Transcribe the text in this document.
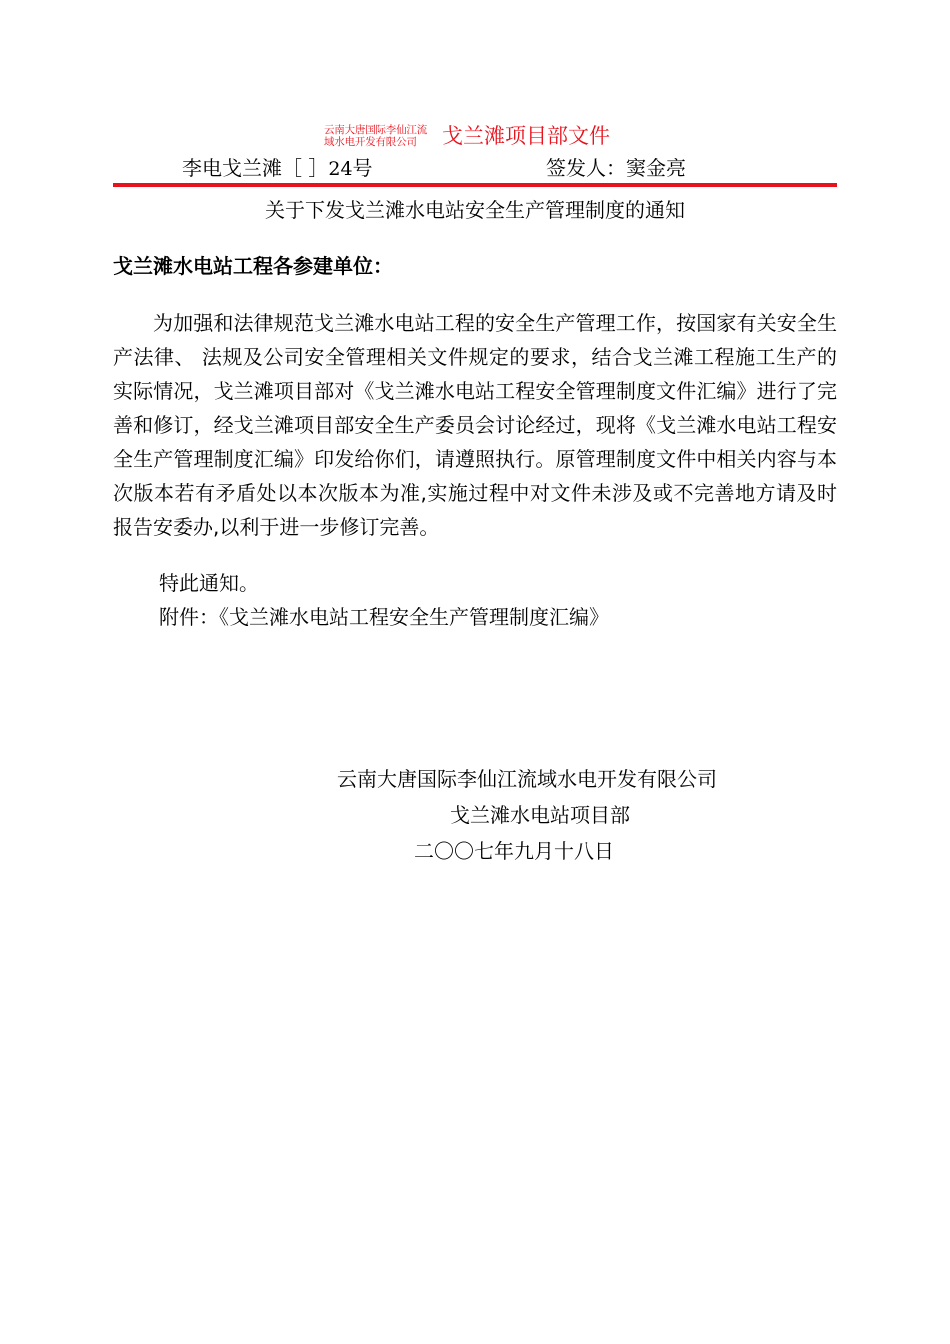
云南大唐国际李仙江流
域水电开发有限公司	戈兰滩项目部文件
李电戈兰滩［ ］24号	签发人：窦金亮
关于下发戈兰滩水电站安全生产管理制度的通知
戈兰滩水电站工程各参建单位：

为加强和法律规范戈兰滩水电站工程的安全生产管理工作，按国家有关安全生产法律、 法规及公司安全管理相关文件规定的要求，结合戈兰滩工程施工生产的实际情况，戈兰滩项目部对《戈兰滩水电站工程安全管理制度文件汇编》进行了完善和修订，经戈兰滩项目部安全生产委员会讨论经过，现将《戈兰滩水电站工程安全生产管理制度汇编》印发给你们，请遵照执行。原管理制度文件中相关内容与本次版本若有矛盾处以本次版本为准,实施过程中对文件未涉及或不完善地方请及时报告安委办,以利于进一步修订完善。

特此通知。
附件：《戈兰滩水电站工程安全生产管理制度汇编》
云南大唐国际李仙江流域水电开发有限公司
戈兰滩水电站项目部
二〇〇七年九月十八日
